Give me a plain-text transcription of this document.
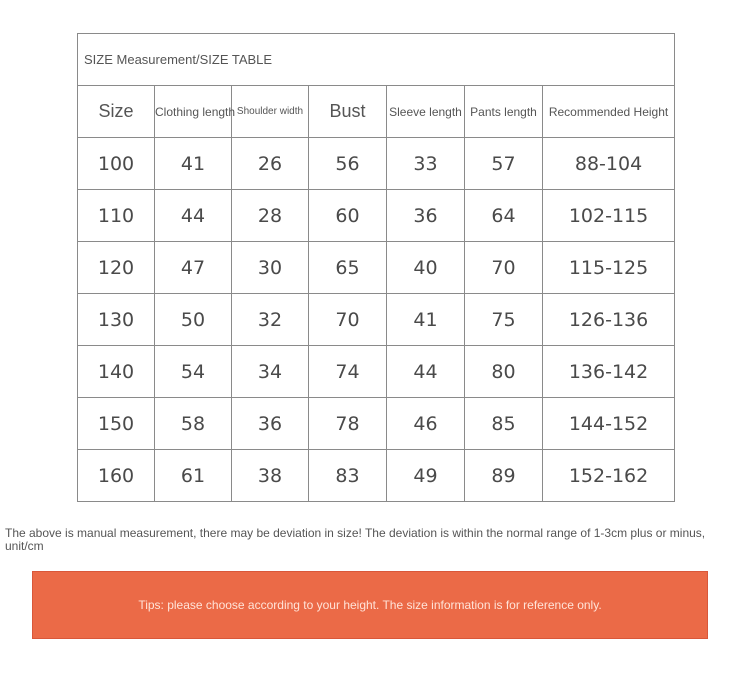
SIZE Measurement/SIZE TABLE						
Size	Clothing length	Shoulder width	Bust	Sleeve length	Pants length	Recommended Height
100	41	26	56	33	57	88-104
110	44	28	60	36	64	102-115
120	47	30	65	40	70	115-125
130	50	32	70	41	75	126-136
140	54	34	74	44	80	136-142
150	58	36	78	46	85	144-152
160	61	38	83	49	89	152-162
The above is manual measurement, there may be deviation in size! The deviation is within the normal range of 1-3cm plus or minus, unit/cm
Tips: please choose according to your height. The size information is for reference only.
